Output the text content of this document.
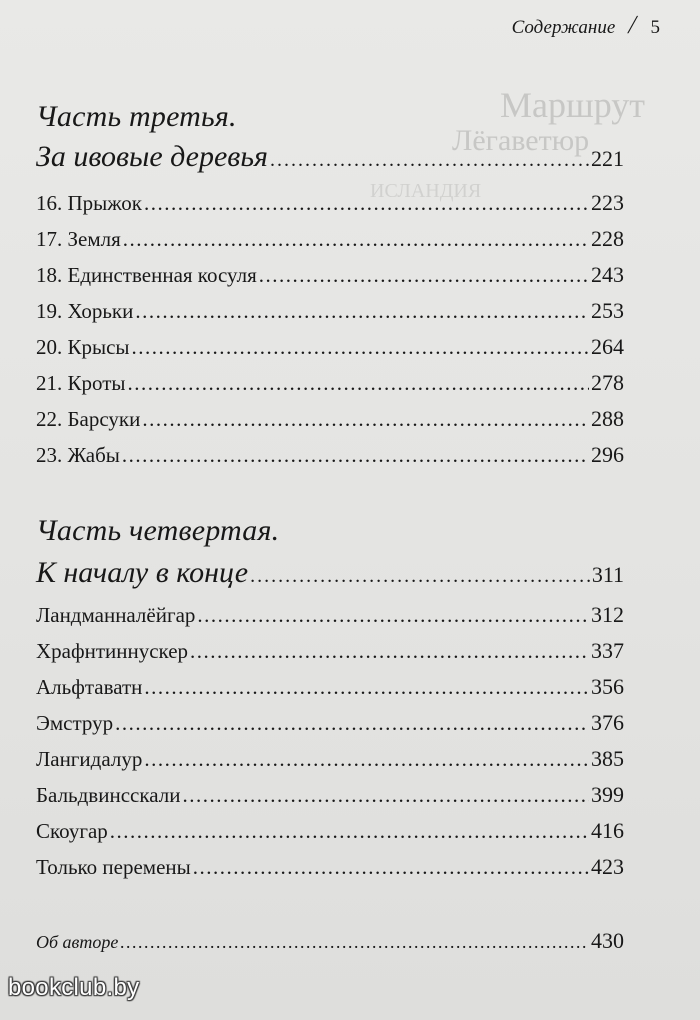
Маршрут
Лёгаветюр
ИСЛАНДИЯ
Содержание / 5
Часть третья.
За ивовые деревья .....	221
16. Прыжок .....	223
17. Земля .....	228
18. Единственная косуля .....	243
19. Хорьки .....	253
20. Крысы .....	264
21. Кроты .....	278
22. Барсуки .....	288
23. Жабы .....	296
Часть четвертая.
К началу в конце .....	311
Ландманналёйгар .....	312
Храфнтиннускер .....	337
Альфтаватн .....	356
Эмструр .....	376
Лангидалур .....	385
Бальдвинсскали .....	399
Скоугар .....	416
Только перемены .....	423
Об авторе .....	430
bookclub.by
